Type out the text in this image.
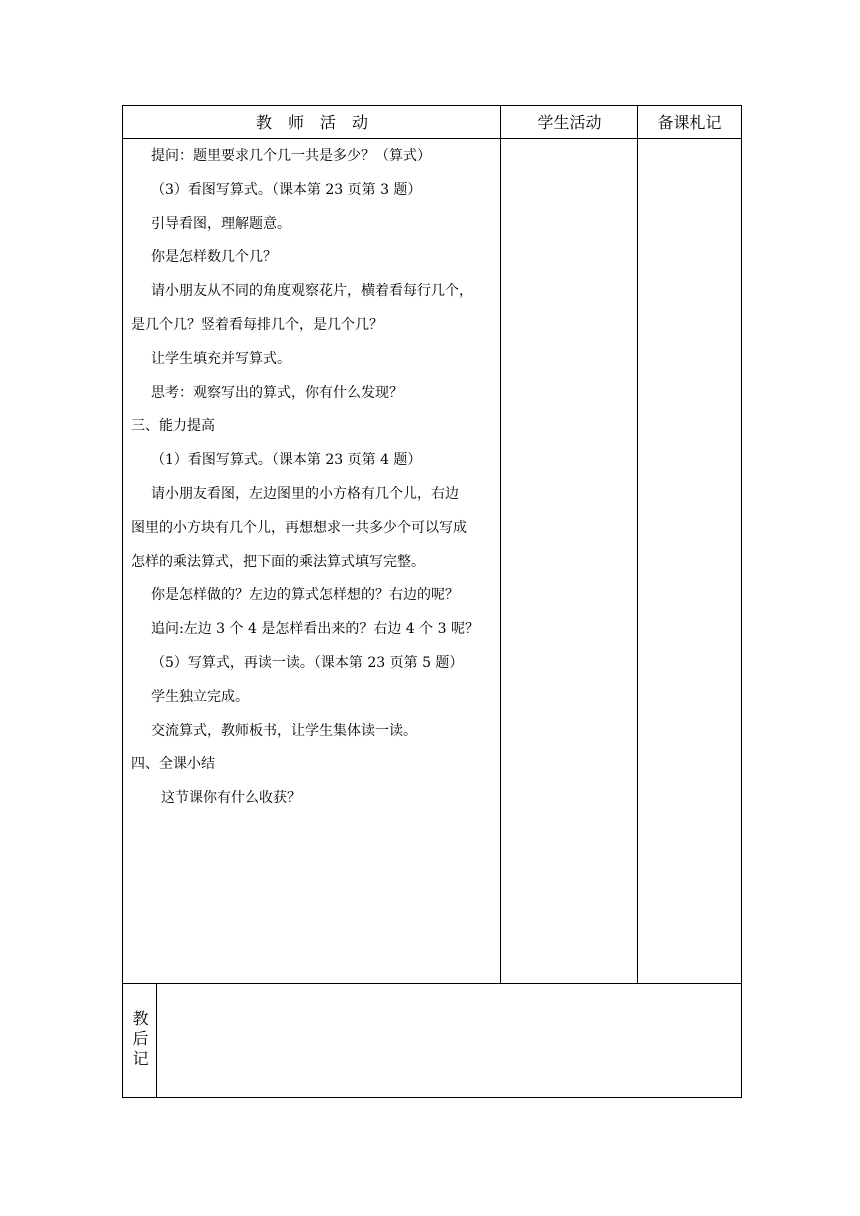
教　师　活　动	学生活动	备课札记
提问：题里要求几个几一共是多少？（算式）
（3）看图写算式。（课本第 23 页第 3 题）
引导看图，理解题意。
你是怎样数几个几？
请小朋友从不同的角度观察花片，横着看每行几个，
是几个几？竖着看每排几个，是几个几？
让学生填充并写算式。
思考：观察写出的算式，你有什么发现？
三、能力提高
（1）看图写算式。（课本第 23 页第 4 题）
请小朋友看图，左边图里的小方格有几个儿，右边
图里的小方块有几个儿，再想想求一共多少个可以写成
怎样的乘法算式，把下面的乘法算式填写完整。
你是怎样做的？左边的算式怎样想的？右边的呢？
追问:左边 3 个 4 是怎样看出来的？右边 4 个 3 呢？
（5）写算式，再读一读。（课本第 23 页第 5 题）
学生独立完成。
交流算式，教师板书，让学生集体读一读。
四、全课小结
这节课你有什么收获？
教后记
